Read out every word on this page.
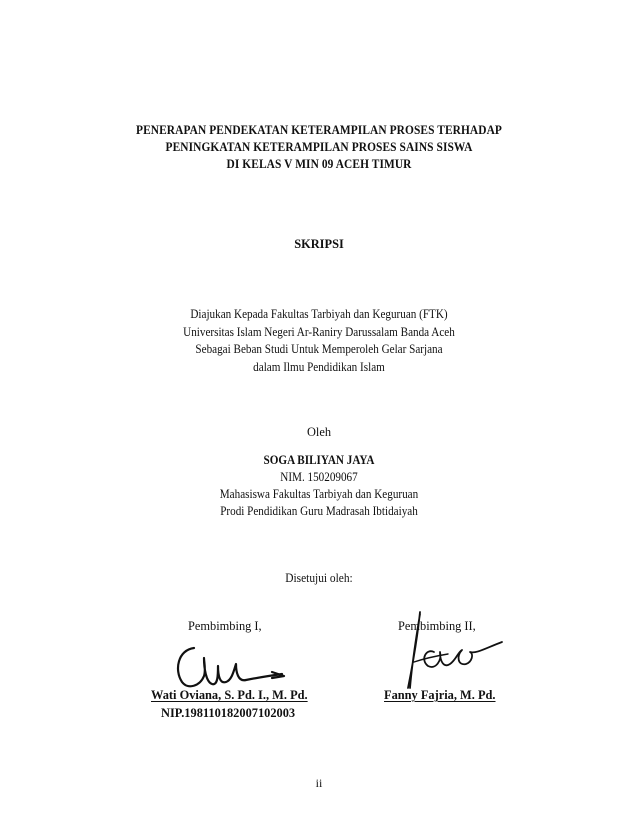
PENERAPAN PENDEKATAN KETERAMPILAN PROSES TERHADAP
PENINGKATAN KETERAMPILAN PROSES SAINS SISWA
DI KELAS V MIN 09 ACEH TIMUR
SKRIPSI
Diajukan Kepada Fakultas Tarbiyah dan Keguruan (FTK)
Universitas Islam Negeri Ar-Raniry Darussalam Banda Aceh
Sebagai Beban Studi Untuk Memperoleh Gelar Sarjana
dalam Ilmu Pendidikan Islam
Oleh
SOGA BILIYAN JAYA
NIM. 150209067
Mahasiswa Fakultas Tarbiyah dan Keguruan
Prodi Pendidikan Guru Madrasah Ibtidaiyah
Disetujui oleh:
Pembimbing I,	Pembimbing II,
Wati Oviana, S. Pd. I., M. Pd.	Fanny Fajria, M. Pd.
NIP.198110182007102003
ii
